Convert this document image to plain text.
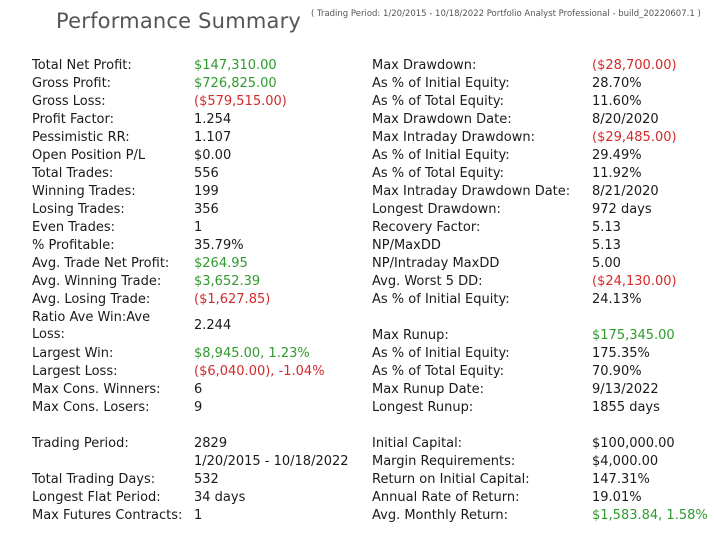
Performance Summary ( Trading Period: 1/20/2015 - 10/18/2022 Portfolio Analyst Professional - build_20220607.1 )
Total Net Profit:	$147,310.00
Gross Profit:	$726,825.00
Gross Loss:	($579,515.00)
Profit Factor:	1.254
Pessimistic RR:	1.107
Open Position P/L	$0.00
Total Trades:	556
Winning Trades:	199
Losing Trades:	356
Even Trades:	1
% Profitable:	35.79%
Avg. Trade Net Profit: $264.95
Avg. Winning Trade:	$3,652.39
Avg. Losing Trade:	($1,627.85)
Ratio Ave Win:Ave Loss:
2.244
Largest Win:	$8,945.00, 1.23%
Largest Loss:	($6,040.00), -1.04%
Max Cons. Winners:	6
Max Cons. Losers:	9
Trading Period:	2829
1/20/2015 - 10/18/2022
Total Trading Days:	532
Longest Flat Period:	34 days
Max Futures Contracts: 1
Max Drawdown:	($28,700.00)
As % of Initial Equity:	28.70%
As % of Total Equity:	11.60%
Max Drawdown Date:	8/20/2020
Max Intraday Drawdown:	($29,485.00)
As % of Initial Equity:	29.49%
As % of Total Equity:	11.92%
Max Intraday Drawdown Date: 8/21/2020
Longest Drawdown:	972 days
Recovery Factor:	5.13
NP/MaxDD	5.13
NP/Intraday MaxDD	5.00
Avg. Worst 5 DD:	($24,130.00)
As % of Initial Equity:	24.13%
Max Runup:	$175,345.00
As % of Initial Equity:	175.35%
As % of Total Equity:	70.90%
Max Runup Date:	9/13/2022
Longest Runup:	1855 days
Initial Capital:	$100,000.00
Margin Requirements:	$4,000.00
Return on Initial Capital:	147.31%
Annual Rate of Return:	19.01%
Avg. Monthly Return:	$1,583.84, 1.58%
